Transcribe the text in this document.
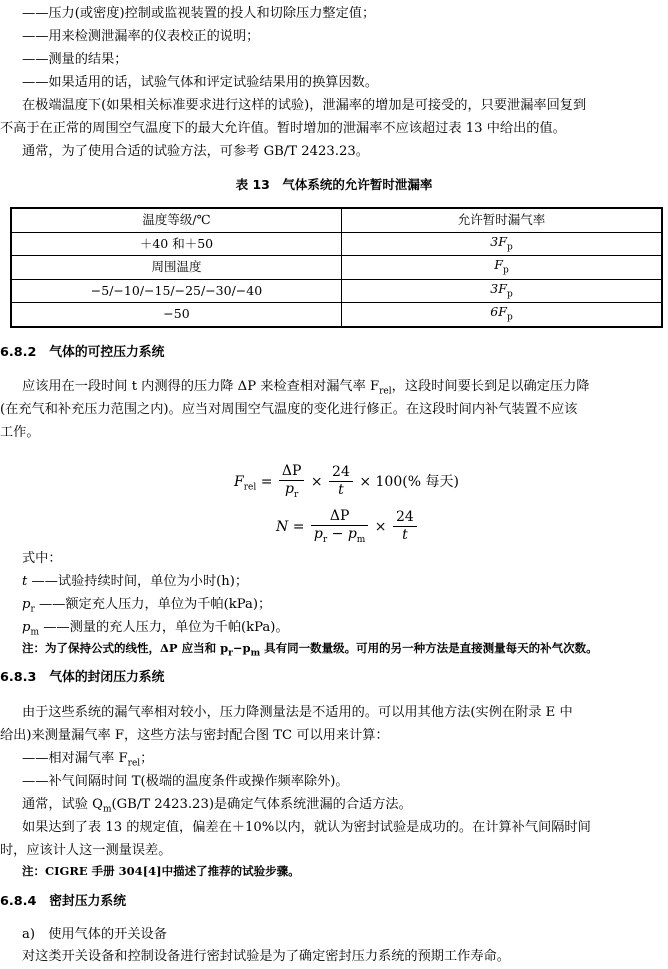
——压力(或密度)控制或监视装置的投人和切除压力整定值；

——用来检测泄漏率的仪表校正的说明；

——测量的结果；

——如果适用的话，试验气体和评定试验结果用的换算因数。

在极端温度下(如果相关标准要求进行这样的试验)，泄漏率的增加是可接受的，只要泄漏率回复到

不高于在正常的周围空气温度下的最大允许值。暂时增加的泄漏率不应该超过表 13 中给出的值。

通常，为了使用合适的试验方法，可参考 GB/T 2423.23。

表 13　气体系统的允许暂时泄漏率

温度等级/℃	允许暂时漏气率
＋40 和＋50	$3F_p$
周围温度	$F_p$
−5/−10/−15/−25/−30/−40	$3F_p$
−50	$6F_p$

6.8.2　气体的可控压力系统

应该用在一段时间 t 内测得的压力降 ΔP 来检查相对漏气率 $F_{rel}$，这段时间要长到足以确定压力降

(在充气和补充压力范围之内)。应当对周围空气温度的变化进行修正。在这段时间内补气装置不应该

工作。

$F_{rel} = \frac{\Delta P}{p_r} \times \frac{24}{t} \times 100(\%$ 每天)
$N = \frac{\Delta P}{p_r - p_m} \times \frac{24}{t}$

式中：

t ——试验持续时间，单位为小时(h)；

$p_r$ ——额定充人压力，单位为千帕(kPa)；

$p_m$ ——测量的充人压力，单位为千帕(kPa)。

注：为了保持公式的线性，ΔP 应当和 $p_r-p_m$ 具有同一数量级。可用的另一种方法是直接测量每天的补气次数。

6.8.3　气体的封闭压力系统

由于这些系统的漏气率相对较小，压力降测量法是不适用的。可以用其他方法(实例在附录 E 中

给出)来测量漏气率 F，这些方法与密封配合图 TC 可以用来计算：

——相对漏气率 $F_{rel}$；

——补气间隔时间 T(极端的温度条件或操作频率除外)。

通常，试验 $Q_m(GB/T$ 2423.23)是确定气体系统泄漏的合适方法。

如果达到了表 13 的规定值，偏差在＋10%以内，就认为密封试验是成功的。在计算补气间隔时间

时，应该计人这一测量误差。

注：CIGRE 手册 304[4]中描述了推荐的试验步骤。

6.8.4　密封压力系统

a)　使用气体的开关设备

对这类开关设备和控制设备进行密封试验是为了确定密封压力系统的预期工作寿命。
